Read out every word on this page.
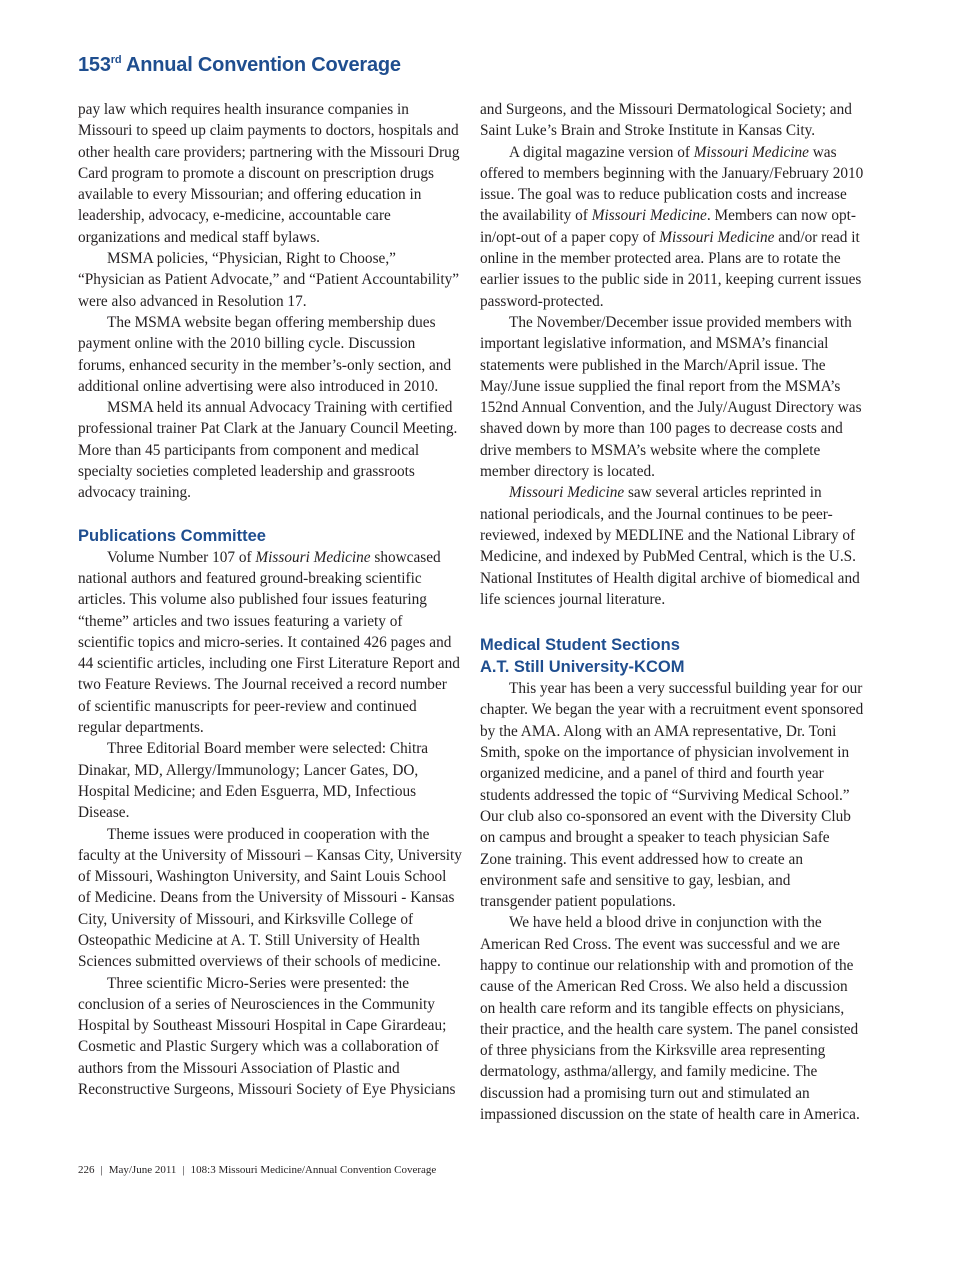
153rd Annual Convention Coverage

pay law which requires health insurance companies in Missouri to speed up claim payments to doctors, hospitals and other health care providers; partnering with the Missouri Drug Card program to promote a discount on prescription drugs available to every Missourian; and offering education in leadership, advocacy, e-medicine, accountable care organizations and medical staff bylaws.

MSMA policies, “Physician, Right to Choose,” “Physician as Patient Advocate,” and “Patient Accountability” were also advanced in Resolution 17.

The MSMA website began offering membership dues payment online with the 2010 billing cycle. Discussion forums, enhanced security in the member’s-only section, and additional online advertising were also introduced in 2010.

MSMA held its annual Advocacy Training with certified professional trainer Pat Clark at the January Council Meeting. More than 45 participants from component and medical specialty societies completed leadership and grassroots advocacy training.

Publications Committee

Volume Number 107 of Missouri Medicine showcased national authors and featured ground-breaking scientific articles. This volume also published four issues featuring “theme” articles and two issues featuring a variety of scientific topics and micro-series. It contained 426 pages and 44 scientific articles, including one First Literature Report and two Feature Reviews. The Journal received a record number of scientific manuscripts for peer-review and continued regular departments.

Three Editorial Board member were selected: Chitra Dinakar, MD, Allergy/Immunology; Lancer Gates, DO, Hospital Medicine; and Eden Esguerra, MD, Infectious Disease.

Theme issues were produced in cooperation with the faculty at the University of Missouri – Kansas City, University of Missouri, Washington University, and Saint Louis School of Medicine. Deans from the University of Missouri - Kansas City, University of Missouri, and Kirksville College of Osteopathic Medicine at A. T. Still University of Health Sciences submitted overviews of their schools of medicine.

Three scientific Micro-Series were presented: the conclusion of a series of Neurosciences in the Community Hospital by Southeast Missouri Hospital in Cape Girardeau; Cosmetic and Plastic Surgery which was a collaboration of authors from the Missouri Association of Plastic and Reconstructive Surgeons, Missouri Society of Eye Physicians

and Surgeons, and the Missouri Dermatological Society; and Saint Luke’s Brain and Stroke Institute in Kansas City.

A digital magazine version of Missouri Medicine was offered to members beginning with the January/February 2010 issue. The goal was to reduce publication costs and increase the availability of Missouri Medicine. Members can now opt-in/opt-out of a paper copy of Missouri Medicine and/or read it online in the member protected area. Plans are to rotate the earlier issues to the public side in 2011, keeping current issues password-protected.

The November/December issue provided members with important legislative information, and MSMA’s financial statements were published in the March/April issue. The May/June issue supplied the final report from the MSMA’s 152nd Annual Convention, and the July/August Directory was shaved down by more than 100 pages to decrease costs and drive members to MSMA’s website where the complete member directory is located.

Missouri Medicine saw several articles reprinted in national periodicals, and the Journal continues to be peer-reviewed, indexed by MEDLINE and the National Library of Medicine, and indexed by PubMed Central, which is the U.S. National Institutes of Health digital archive of biomedical and life sciences journal literature.

Medical Student Sections
A.T. Still University-KCOM

This year has been a very successful building year for our chapter. We began the year with a recruitment event sponsored by the AMA. Along with an AMA representative, Dr. Toni Smith, spoke on the importance of physician involvement in organized medicine, and a panel of third and fourth year students addressed the topic of “Surviving Medical School.” Our club also co-sponsored an event with the Diversity Club on campus and brought a speaker to teach physician Safe Zone training. This event addressed how to create an environment safe and sensitive to gay, lesbian, and transgender patient populations.

We have held a blood drive in conjunction with the American Red Cross. The event was successful and we are happy to continue our relationship with and promotion of the cause of the American Red Cross. We also held a discussion on health care reform and its tangible effects on physicians, their practice, and the health care system. The panel consisted of three physicians from the Kirksville area representing dermatology, asthma/allergy, and family medicine. The discussion had a promising turn out and stimulated an impassioned discussion on the state of health care in America.

226 | May/June 2011 | 108:3 Missouri Medicine/Annual Convention Coverage
